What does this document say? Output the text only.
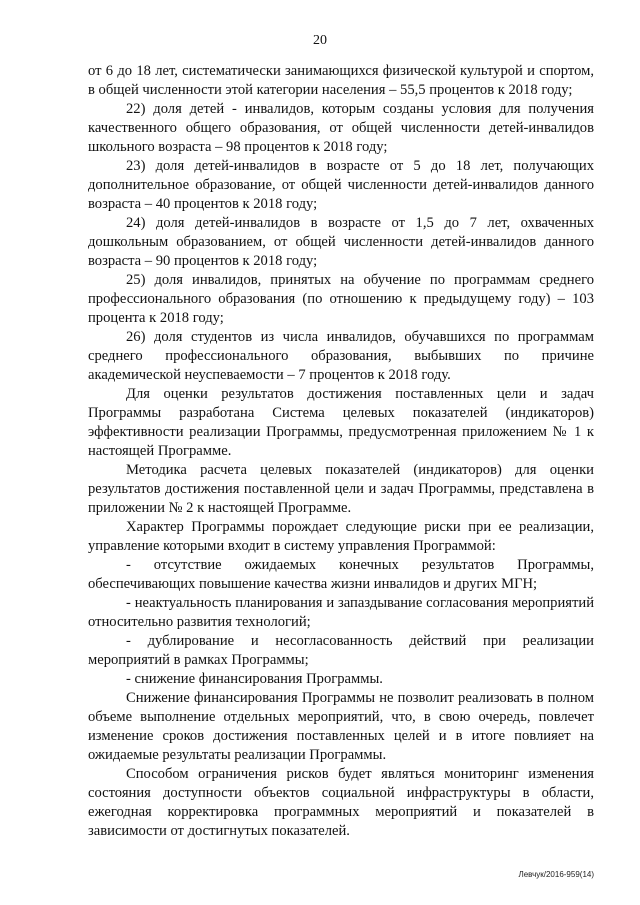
20

от 6 до 18 лет, систематически занимающихся физической культурой и спортом, в общей численности этой категории населения – 55,5 процентов к 2018 году;

22) доля детей - инвалидов, которым созданы условия для получения качественного общего образования, от общей численности детей-инвалидов школьного возраста – 98 процентов к 2018 году;

23) доля детей-инвалидов в возрасте от 5 до 18 лет, получающих дополнительное образование, от общей численности детей-инвалидов данного возраста – 40 процентов к 2018 году;

24) доля детей-инвалидов в возрасте от 1,5 до 7 лет, охваченных дошкольным образованием, от общей численности детей-инвалидов данного возраста – 90 процентов к 2018 году;

25) доля инвалидов, принятых на обучение по программам среднего профессионального образования (по отношению к предыдущему году) – 103 процента к 2018 году;

26) доля студентов из числа инвалидов, обучавшихся по программам среднего профессионального образования, выбывших по причине академической неуспеваемости – 7 процентов к 2018 году.

Для оценки результатов достижения поставленных цели и задач Программы разработана Система целевых показателей (индикаторов) эффективности реализации Программы, предусмотренная приложением № 1 к настоящей Программе.

Методика расчета целевых показателей (индикаторов) для оценки результатов достижения поставленной цели и задач Программы, представлена в приложении № 2 к настоящей Программе.

Характер Программы порождает следующие риски при ее реализации, управление которыми входит в систему управления Программой:

- отсутствие ожидаемых конечных результатов Программы, обеспечивающих повышение качества жизни инвалидов и других МГН;

- неактуальность планирования и запаздывание согласования мероприятий относительно развития технологий;

- дублирование и несогласованность действий при реализации мероприятий в рамках Программы;

- снижение финансирования Программы.

Снижение финансирования Программы не позволит реализовать в полном объеме выполнение отдельных мероприятий, что, в свою очередь, повлечет изменение сроков достижения поставленных целей и в итоге повлияет на ожидаемые результаты реализации Программы.

Способом ограничения рисков будет являться мониторинг изменения состояния доступности объектов социальной инфраструктуры в области, ежегодная корректировка программных мероприятий и показателей в зависимости от достигнутых показателей.

Левчук/2016-959(14)
